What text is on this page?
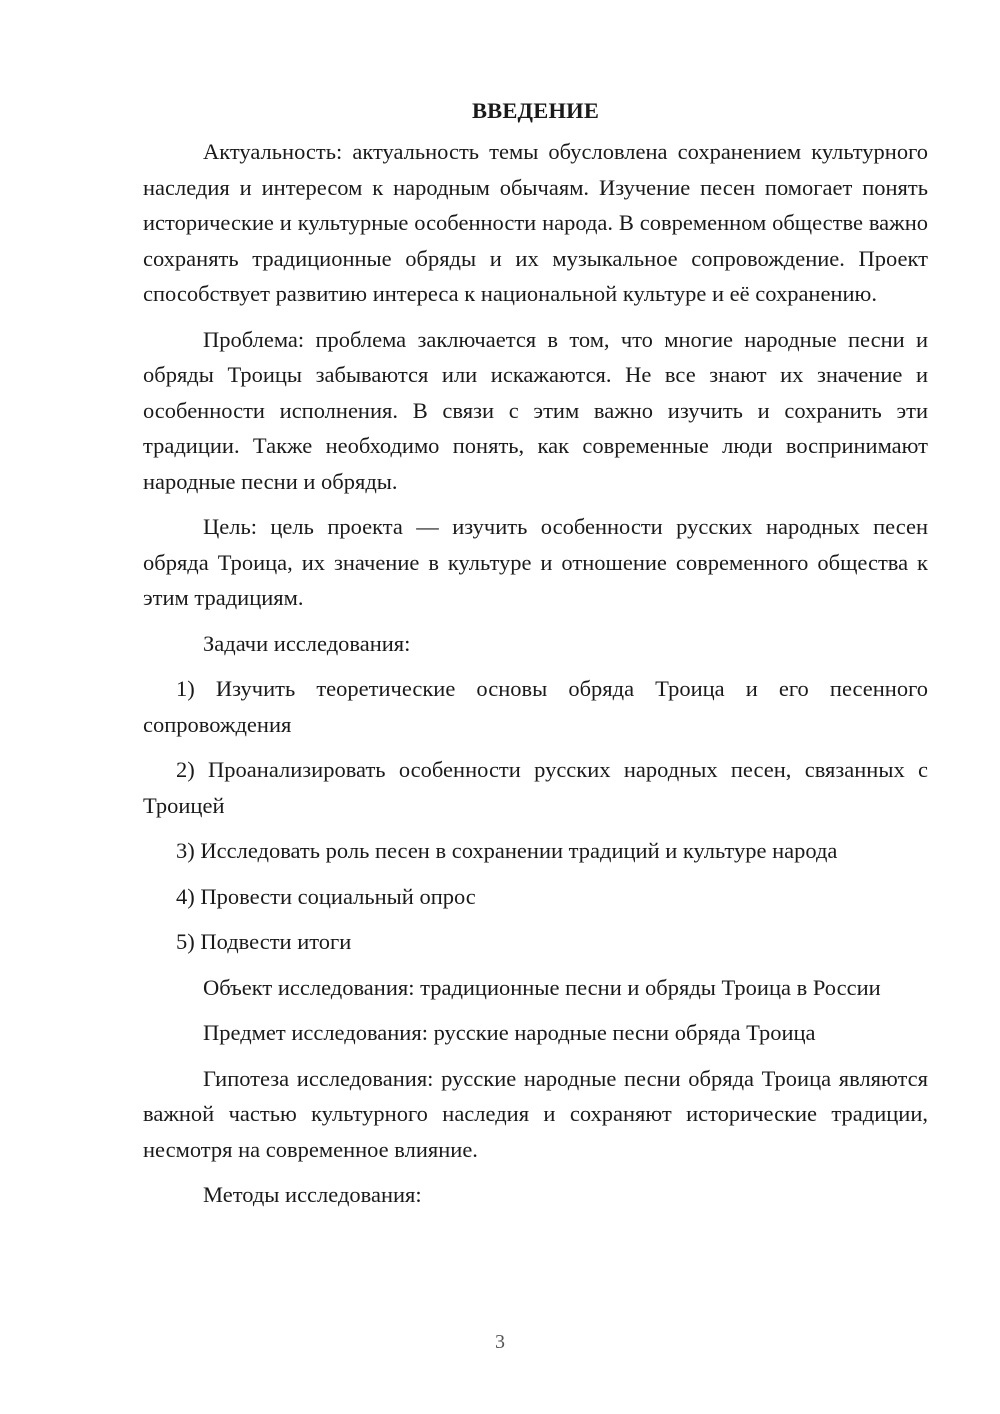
ВВЕДЕНИЕ

Актуальность: актуальность темы обусловлена сохранением культурного наследия и интересом к народным обычаям. Изучение песен помогает понять исторические и культурные особенности народа. В современном обществе важно сохранять традиционные обряды и их музыкальное сопровождение. Проект способствует развитию интереса к национальной культуре и её сохранению.

Проблема: проблема заключается в том, что многие народные песни и обряды Троицы забываются или искажаются. Не все знают их значение и особенности исполнения. В связи с этим важно изучить и сохранить эти традиции. Также необходимо понять, как современные люди воспринимают народные песни и обряды.

Цель: цель проекта — изучить особенности русских народных песен обряда Троица, их значение в культуре и отношение современного общества к этим традициям.

Задачи исследования:

1) Изучить теоретические основы обряда Троица и его песенного сопровождения

2) Проанализировать особенности русских народных песен, связанных с Троицей

3) Исследовать роль песен в сохранении традиций и культуре народа

4) Провести социальный опрос

5) Подвести итоги

Объект исследования: традиционные песни и обряды Троица в России

Предмет исследования: русские народные песни обряда Троица

Гипотеза исследования: русские народные песни обряда Троица являются важной частью культурного наследия и сохраняют исторические традиции, несмотря на современное влияние.

Методы исследования:

3
